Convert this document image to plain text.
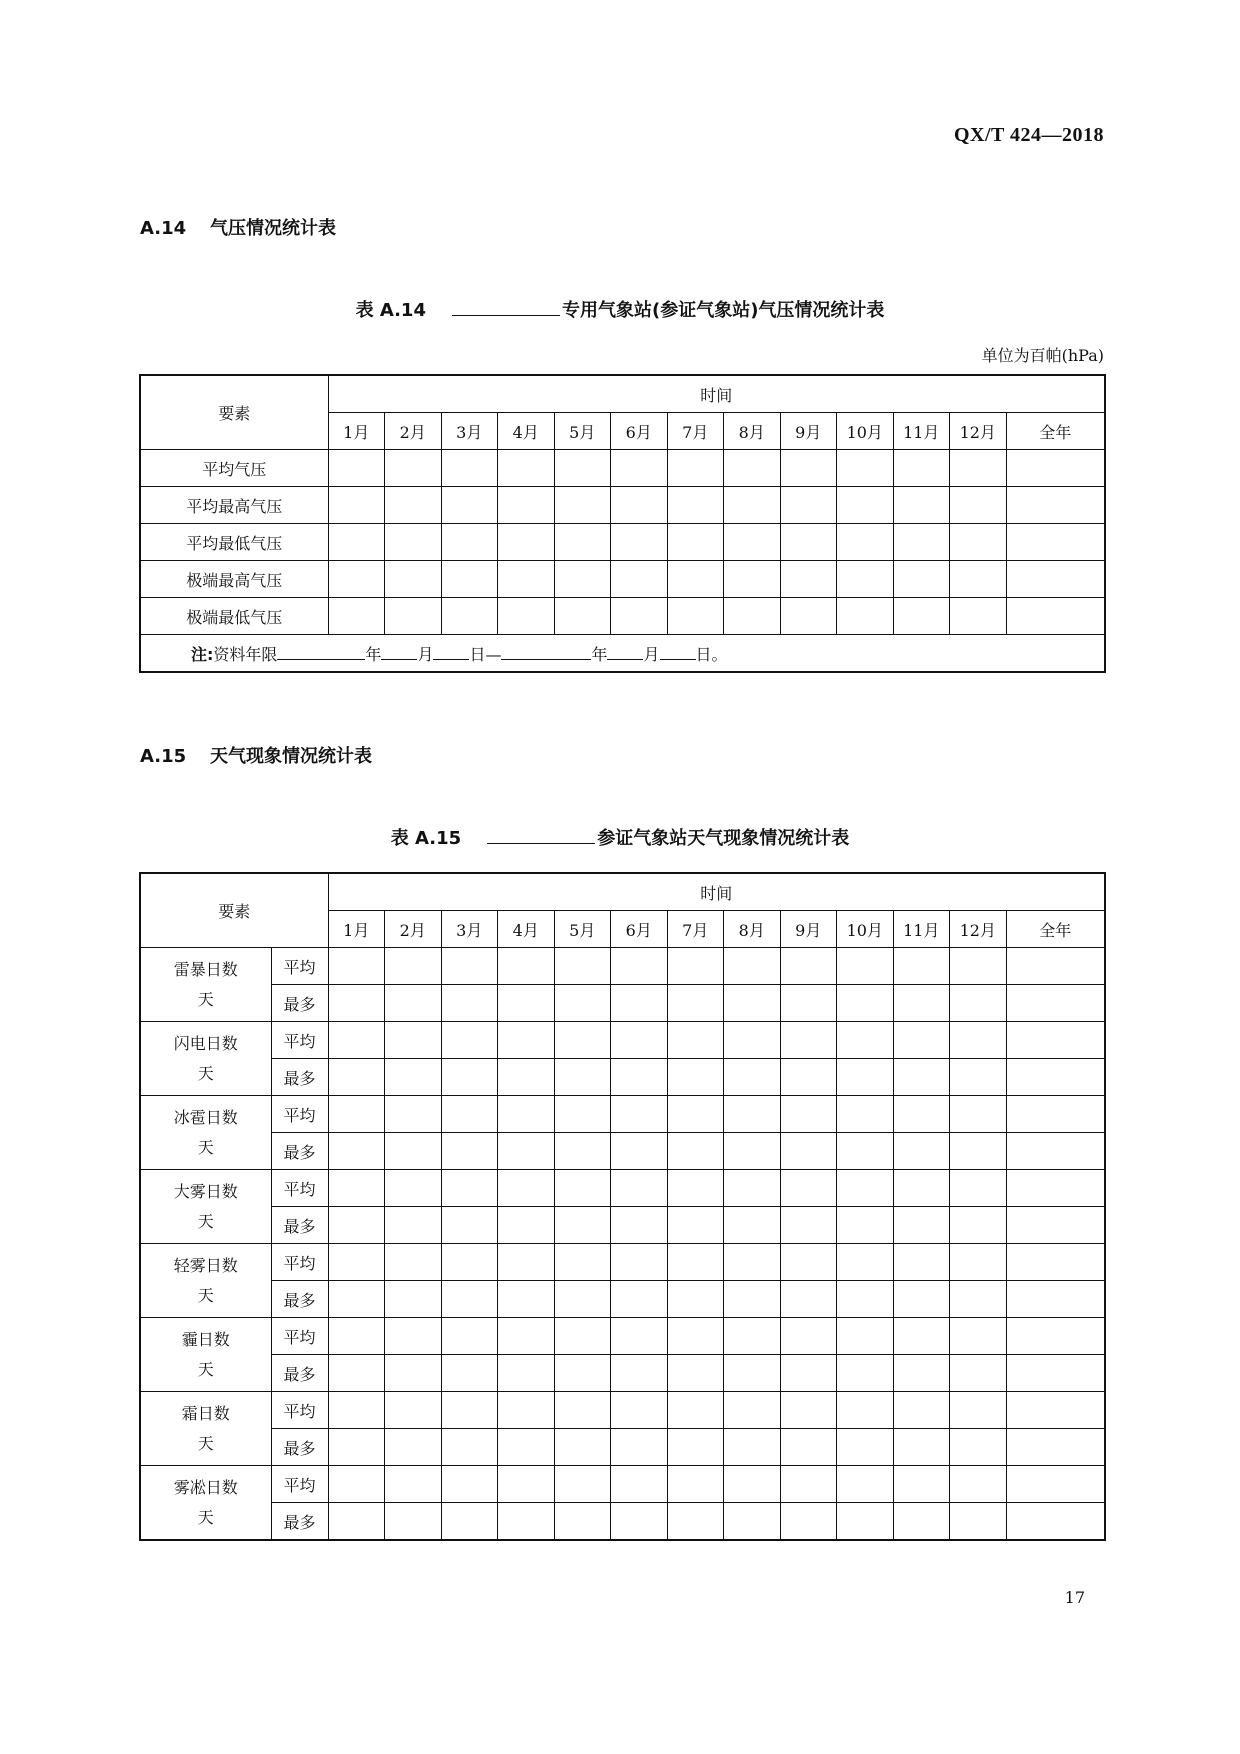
QX/T 424—2018
A.14 气压情况统计表
表 A.14	专用气象站(参证气象站)气压情况统计表
单位为百帕(hPa)
要素	时间												
	1月	2月	3月	4月	5月	6月	7月	8月	9月	10月	11月	12月	全年
平均气压													
平均最高气压													
平均最低气压													
极端最高气压													
极端最低气压													
注:资料年限 年 月 日— 年 月 日。													
A.15 天气现象情况统计表
表 A.15	参证气象站天气现象情况统计表
要素		时间												
		1月	2月	3月	4月	5月	6月	7月	8月	9月	10月	11月	12月	全年

雷暴日数
天	平均													
	最多													

闪电日数
天	平均													
	最多													

冰雹日数
天	平均													
	最多													

大雾日数
天	平均													
	最多													

轻雾日数
天	平均													
	最多													

霾日数
天	平均													
	最多													

霜日数
天	平均													
	最多													

雾凇日数
天	平均													
	最多													
17
